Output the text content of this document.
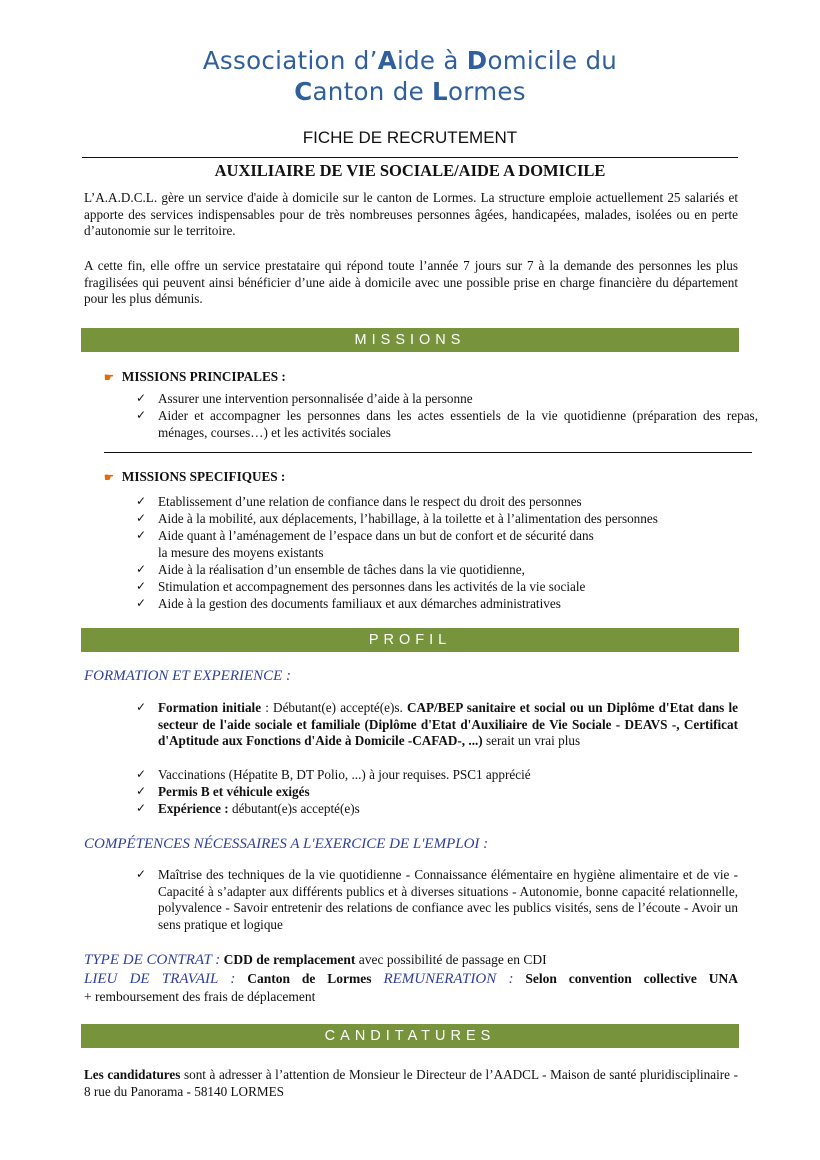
Association d’Aide à Domicile du
Canton de Lormes
FICHE DE RECRUTEMENT
AUXILIAIRE DE VIE SOCIALE/AIDE A DOMICILE

L’A.A.D.C.L. gère un service d'aide à domicile sur le canton de Lormes. La structure emploie actuellement 25 salariés et apporte des services indispensables pour de très nombreuses personnes âgées, handicapées, malades, isolées ou en perte d’autonomie sur le territoire.

A cette fin, elle offre un service prestataire qui répond toute l’année 7 jours sur 7 à la demande des personnes les plus fragilisées qui peuvent ainsi bénéficier d’une aide à domicile avec une possible prise en charge financière du département pour les plus démunis.

MISSIONS
☛ MISSIONS PRINCIPALES :
✓ Assurer une intervention personnalisée d’aide à la personne
✓ Aider et accompagner les personnes dans les actes essentiels de la vie quotidienne (préparation des repas, ménages, courses…) et les activités sociales
☛ MISSIONS SPECIFIQUES :
✓ Etablissement d’une relation de confiance dans le respect du droit des personnes
✓ Aide à la mobilité, aux déplacements, l’habillage, à la toilette et à l’alimentation des personnes
✓ Aide quant à l’aménagement de l’espace dans un but de confort et de sécurité dans
la mesure des moyens existants
✓ Aide à la réalisation d’un ensemble de tâches dans la vie quotidienne,
✓ Stimulation et accompagnement des personnes dans les activités de la vie sociale
✓ Aide à la gestion des documents familiaux et aux démarches administratives
PROFIL
FORMATION ET EXPERIENCE :
✓ Formation initiale : Débutant(e) accepté(e)s. CAP/BEP sanitaire et social ou un Diplôme d'Etat dans le secteur de l'aide sociale et familiale (Diplôme d'Etat d'Auxiliaire de Vie Sociale - DEAVS -, Certificat d'Aptitude aux Fonctions d'Aide à Domicile -CAFAD-, ...) serait un vrai plus
✓ Vaccinations (Hépatite B, DT Polio, ...) à jour requises. PSC1 apprécié
✓ Permis B et véhicule exigés
✓ Expérience : débutant(e)s accepté(e)s
COMPÉTENCES NÉCESSAIRES A L'EXERCICE DE L'EMPLOI :
✓ Maîtrise des techniques de la vie quotidienne - Connaissance élémentaire en hygiène alimentaire et de vie - Capacité à s’adapter aux différents publics et à diverses situations - Autonomie, bonne capacité relationnelle, polyvalence - Savoir entretenir des relations de confiance avec les publics visités, sens de l’écoute - Avoir un sens pratique et logique
TYPE DE CONTRAT : CDD de remplacement avec possibilité de passage en CDI
LIEU DE TRAVAIL : Canton de Lormes REMUNERATION : Selon convention collective UNA
+ remboursement des frais de déplacement
CANDITATURES

Les candidatures sont à adresser à l’attention de Monsieur le Directeur de l’AADCL - Maison de santé pluridisciplinaire - 8 rue du Panorama - 58140 LORMES
